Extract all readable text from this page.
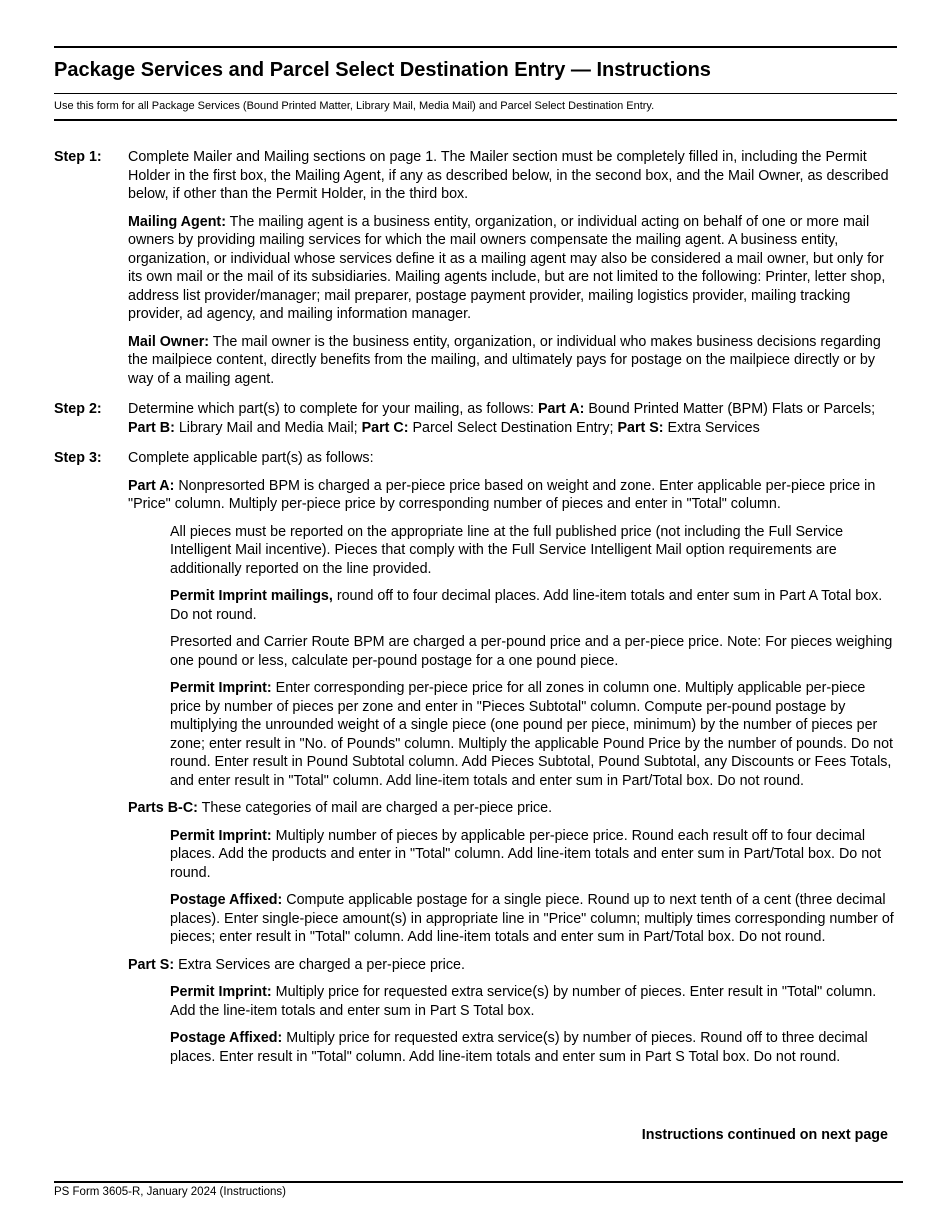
Package Services and Parcel Select Destination Entry — Instructions
Use this form for all Package Services (Bound Printed Matter, Library Mail, Media Mail) and Parcel Select Destination Entry.
Step 1:	Complete Mailer and Mailing sections on page 1. The Mailer section must be completely filled in, including the Permit Holder in the first box, the Mailing Agent, if any as described below, in the second box, and the Mail Owner, as described below, if other than the Permit Holder, in the third box.

Mailing Agent: The mailing agent is a business entity, organization, or individual acting on behalf of one or more mail owners by providing mailing services for which the mail owners compensate the mailing agent. A business entity, organization, or individual whose services define it as a mailing agent may also be considered a mail owner, but only for its own mail or the mail of its subsidiaries. Mailing agents include, but are not limited to the following: Printer, letter shop, address list provider/manager; mail preparer, postage payment provider, mailing logistics provider, mailing tracking provider, ad agency, and mailing information manager.

Mail Owner: The mail owner is the business entity, organization, or individual who makes business decisions regarding the mailpiece content, directly benefits from the mailing, and ultimately pays for postage on the mailpiece directly or by way of a mailing agent.

Step 2:	Determine which part(s) to complete for your mailing, as follows: Part A: Bound Printed Matter (BPM) Flats or Parcels; Part B: Library Mail and Media Mail; Part C: Parcel Select Destination Entry; Part S: Extra Services

Step 3:	Complete applicable part(s) as follows:

Part A: Nonpresorted BPM is charged a per-piece price based on weight and zone. Enter applicable per-piece price in "Price" column. Multiply per-piece price by corresponding number of pieces and enter in "Total" column.

All pieces must be reported on the appropriate line at the full published price (not including the Full Service Intelligent Mail incentive). Pieces that comply with the Full Service Intelligent Mail option requirements are additionally reported on the line provided.

Permit Imprint mailings, round off to four decimal places. Add line-item totals and enter sum in Part A Total box. Do not round.

Presorted and Carrier Route BPM are charged a per-pound price and a per-piece price. Note: For pieces weighing one pound or less, calculate per-pound postage for a one pound piece.

Permit Imprint: Enter corresponding per-piece price for all zones in column one. Multiply applicable per-piece price by number of pieces per zone and enter in "Pieces Subtotal" column. Compute per-pound postage by multiplying the unrounded weight of a single piece (one pound per piece, minimum) by the number of pieces per zone; enter result in "No. of Pounds" column. Multiply the applicable Pound Price by the number of pounds. Do not round. Enter result in Pound Subtotal column. Add Pieces Subtotal, Pound Subtotal, any Discounts or Fees Totals, and enter result in "Total" column. Add line-item totals and enter sum in Part/Total box. Do not round.

Parts B-C: These categories of mail are charged a per-piece price.

Permit Imprint: Multiply number of pieces by applicable per-piece price. Round each result off to four decimal places. Add the products and enter in "Total" column. Add line-item totals and enter sum in Part/Total box. Do not round.

Postage Affixed: Compute applicable postage for a single piece. Round up to next tenth of a cent (three decimal places). Enter single-piece amount(s) in appropriate line in "Price" column; multiply times corresponding number of pieces; enter result in "Total" column. Add line-item totals and enter sum in Part/Total box. Do not round.

Part S: Extra Services are charged a per-piece price.

Permit Imprint: Multiply price for requested extra service(s) by number of pieces. Enter result in "Total" column. Add the line-item totals and enter sum in Part S Total box.

Postage Affixed: Multiply price for requested extra service(s) by number of pieces. Round off to three decimal places. Enter result in "Total" column. Add line-item totals and enter sum in Part S Total box. Do not round.

Instructions continued on next page
PS Form 3605-R, January 2024 (Instructions)
